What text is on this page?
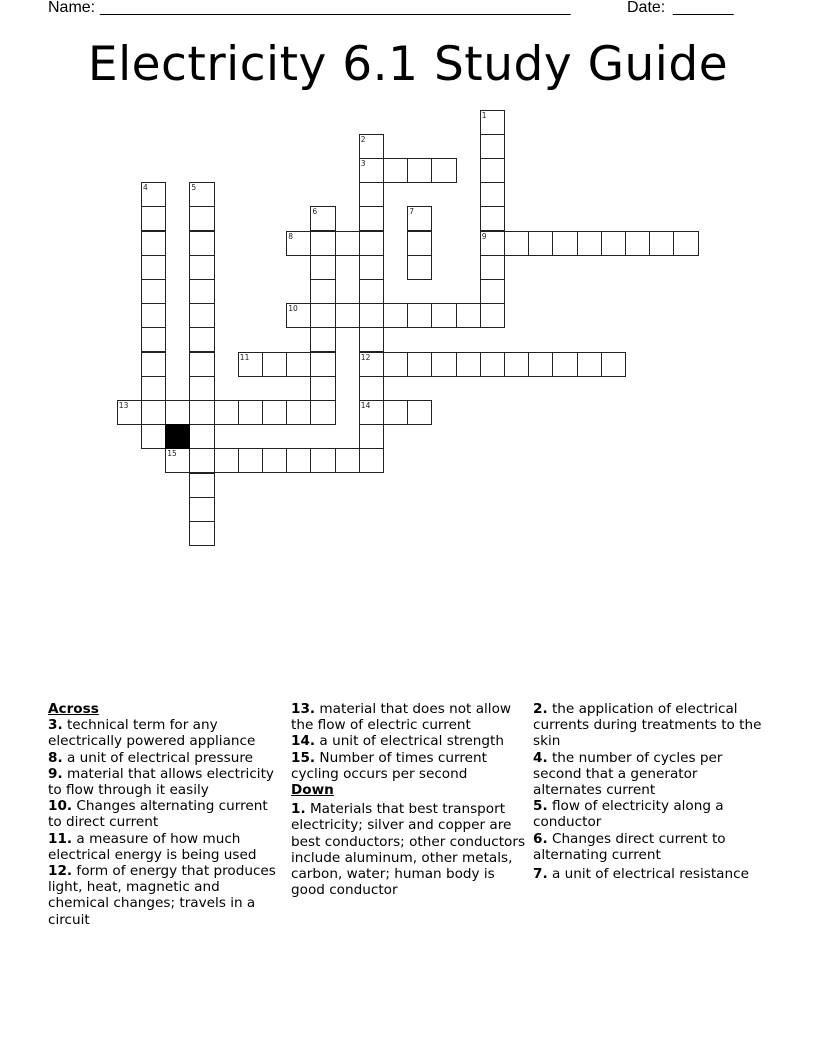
Name: _______________________________________________________	Date: _______
Electricity 6.1 Study Guide
1
9
2
3
12
14
4	5
6	7
8
10
11
13
15
Across
3. technical term for any electrically powered appliance
8. a unit of electrical pressure
9. material that allows electricity to flow through it easily
10. Changes alternating current to direct current
11. a measure of how much electrical energy is being used
12. form of energy that produces light, heat, magnetic and chemical changes; travels in a circuit
13. material that does not allow the flow of electric current
14. a unit of electrical strength
15. Number of times current cycling occurs per second
Down
1. Materials that best transport electricity; silver and copper are best conductors; other conductors include aluminum, other metals, carbon, water; human body is good conductor
2. the application of electrical currents during treatments to the skin
4. the number of cycles per second that a generator alternates current
5. flow of electricity along a conductor
6. Changes direct current to alternating current
7. a unit of electrical resistance
